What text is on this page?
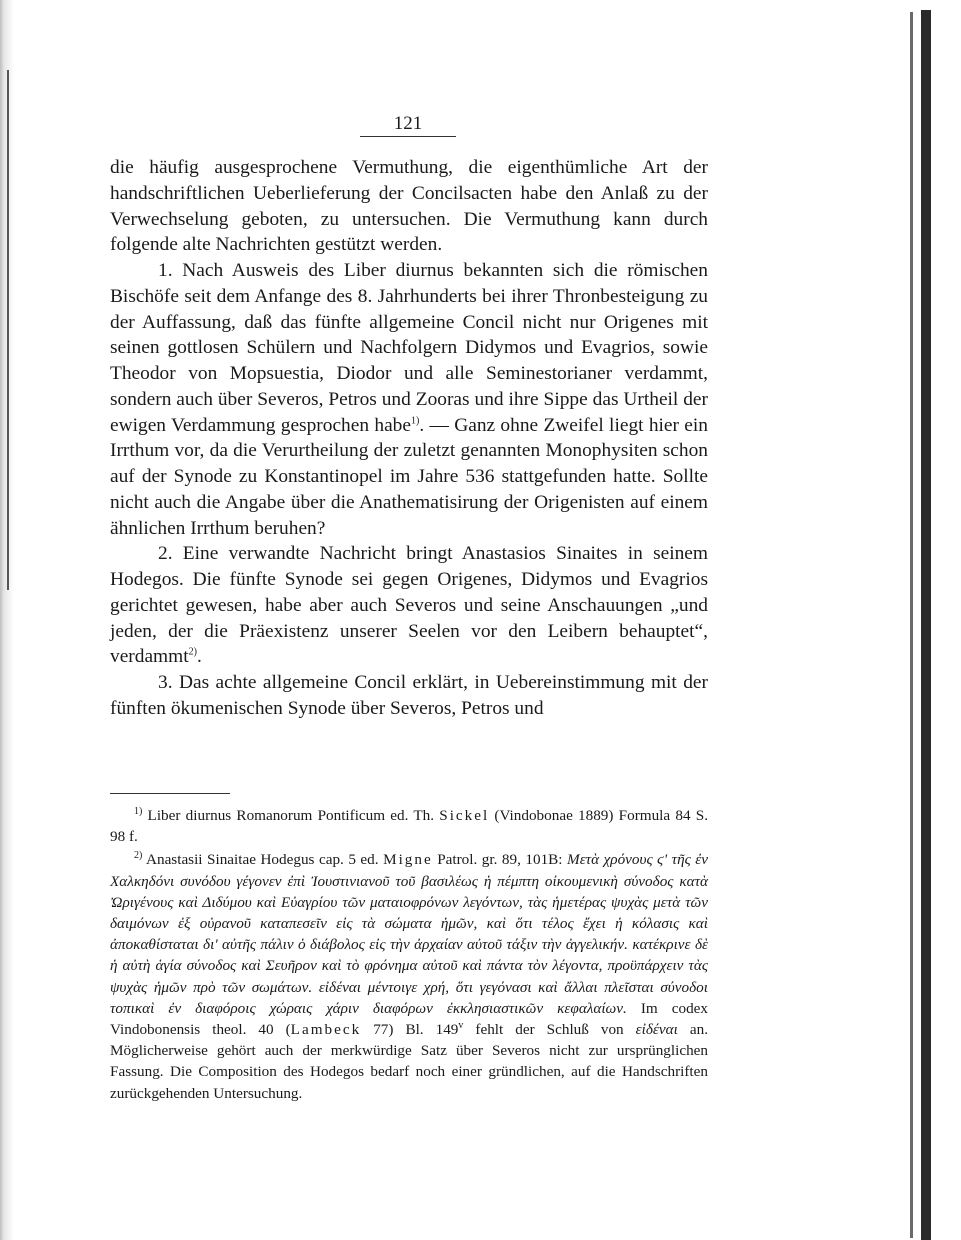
121

die häufig ausgesprochene Vermuthung, die eigenthümliche Art der handschriftlichen Ueberlieferung der Concilsacten habe den Anlaß zu der Verwechselung geboten, zu untersuchen. Die Vermuthung kann durch folgende alte Nachrichten gestützt werden.

1. Nach Ausweis des Liber diurnus bekannten sich die römischen Bischöfe seit dem Anfange des 8. Jahrhunderts bei ihrer Thronbesteigung zu der Auffassung, daß das fünfte allgemeine Concil nicht nur Origenes mit seinen gottlosen Schülern und Nachfolgern Didymos und Evagrios, sowie Theodor von Mopsuestia, Diodor und alle Seminestorianer verdammt, sondern auch über Severos, Petros und Zooras und ihre Sippe das Urtheil der ewigen Verdammung gesprochen habe$^{1)}$. — Ganz ohne Zweifel liegt hier ein Irrthum vor, da die Verurtheilung der zuletzt genannten Monophysiten schon auf der Synode zu Konstantinopel im Jahre 536 stattgefunden hatte. Sollte nicht auch die Angabe über die Anathematisirung der Origenisten auf einem ähnlichen Irrthum beruhen?

2. Eine verwandte Nachricht bringt Anastasios Sinaites in seinem Hodegos. Die fünfte Synode sei gegen Origenes, Didymos und Evagrios gerichtet gewesen, habe aber auch Severos und seine Anschauungen „und jeden, der die Präexistenz unserer Seelen vor den Leibern behauptet“, verdammt$^{2)}$.

3. Das achte allgemeine Concil erklärt, in Uebereinstimmung mit der fünften ökumenischen Synode über Severos, Petros und

$^{1)}$ Liber diurnus Romanorum Pontificum ed. Th. Sickel (Vindobonae 1889) Formula 84 S. 98 f.

$^{2)}$ Anastasii Sinaitae Hodegus cap. 5 ed. Migne Patrol. gr. 89, 101B: Μετὰ χρόνους ϛ' τῆς ἐν Χαλκηδόνι συνόδου γέγονεν ἐπὶ Ἰουστινιανοῦ τοῦ βασιλέως ἡ πέμπτη οἰκουμενικὴ σύνοδος κατὰ Ὠριγένους καὶ Διδύμου καὶ Εὐαγρίου τῶν ματαιοφρόνων λεγόντων, τὰς ἡμετέρας ψυχὰς μετὰ τῶν δαιμόνων ἐξ οὐρανοῦ καταπεσεῖν εἰς τὰ σώματα ἡμῶν, καὶ ὅτι τέλος ἔχει ἡ κόλασις καὶ ἀποκαθίσταται δι' αὐτῆς πάλιν ὁ διάβολος εἰς τὴν ἀρχαίαν αὐτοῦ τάξιν τὴν ἀγγελικήν. κατέκρινε δὲ ἡ αὐτὴ ἁγία σύνοδος καὶ Σευῆρον καὶ τὸ φρόνημα αὐτοῦ καὶ πάντα τὸν λέγοντα, προϋπάρχειν τὰς ψυχὰς ἡμῶν πρὸ τῶν σωμάτων. εἰδέναι μέντοιγε χρή, ὅτι γεγόνασι καὶ ἄλλαι πλεῖσται σύνοδοι τοπικαὶ ἐν διαφόροις χώραις χάριν διαφόρων ἐκκλησιαστικῶν κεφαλαίων. Im codex Vindobonensis theol. 40 (Lambeck 77) Bl. 149$^v$ fehlt der Schluß von εἰδέναι an. Möglicherweise gehört auch der merkwürdige Satz über Severos nicht zur ursprünglichen Fassung. Die Composition des Hodegos bedarf noch einer gründlichen, auf die Handschriften zurückgehenden Untersuchung.
